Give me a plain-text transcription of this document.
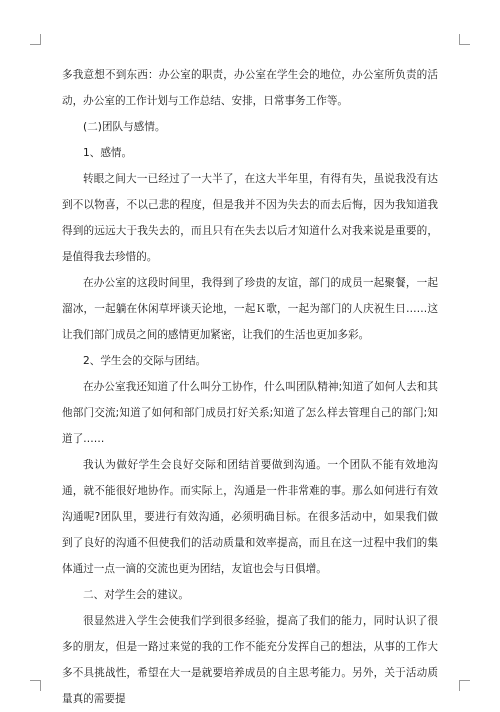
多我意想不到东西：办公室的职责，办公室在学生会的地位，办公室所负责的活动，办公室的工作计划与工作总结、安排，日常事务工作等。

(二)团队与感情。

1、感情。

转眼之间大一已经过了一大半了，在这大半年里，有得有失，虽说我没有达到不以物喜，不以己悲的程度，但是我并不因为失去的而去后悔，因为我知道我得到的远远大于我失去的，而且只有在失去以后才知道什么对我来说是重要的，是值得我去珍惜的。

在办公室的这段时间里，我得到了珍贵的友谊，部门的成员一起聚餐，一起溜冰，一起躺在休闲草坪谈天论地，一起Ｋ歌，一起为部门的人庆祝生日……这让我们部门成员之间的感情更加紧密，让我们的生活也更加多彩。

2、学生会的交际与团结。

在办公室我还知道了什么叫分工协作，什么叫团队精神;知道了如何人去和其他部门交流;知道了如何和部门成员打好关系;知道了怎么样去管理自己的部门;知道了……

我认为做好学生会良好交际和团结首要做到沟通。一个团队不能有效地沟通，就不能很好地协作。而实际上，沟通是一件非常难的事。那么如何进行有效沟通呢?团队里，要进行有效沟通，必须明确目标。在很多活动中，如果我们做到了良好的沟通不但使我们的活动质量和效率提高，而且在这一过程中我们的集体通过一点一滴的交流也更为团结，友谊也会与日俱增。

二、对学生会的建议。

很显然进入学生会使我们学到很多经验，提高了我们的能力，同时认识了很多的朋友，但是一路过来觉的我的工作不能充分发挥自己的想法，从事的工作大多不具挑战性，希望在大一是就要培养成员的自主思考能力。另外，关于活动质量真的需要提
